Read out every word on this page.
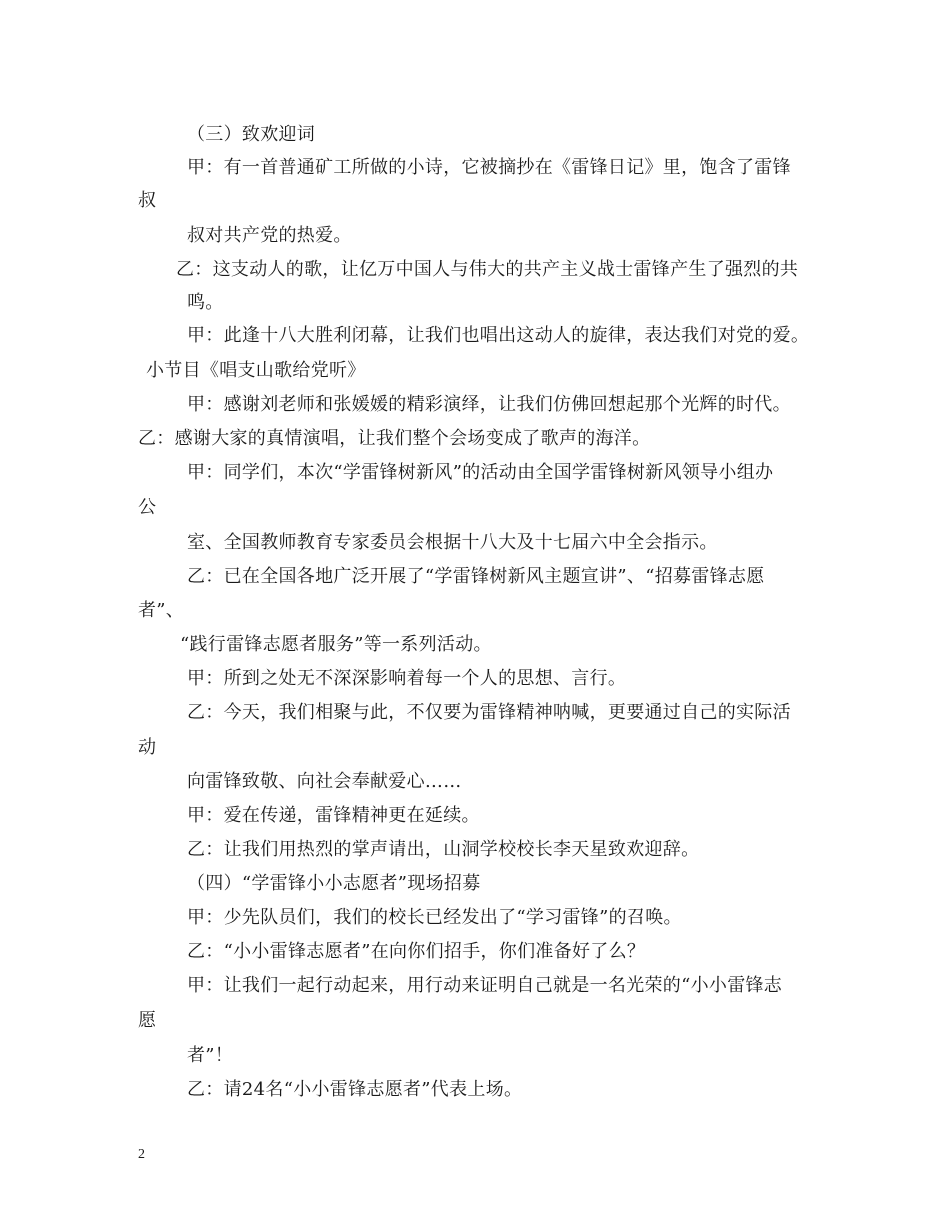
（三）致欢迎词
甲：有一首普通矿工所做的小诗，它被摘抄在《雷锋日记》里，饱含了雷锋
叔
叔对共产党的热爱。
乙：这支动人的歌，让亿万中国人与伟大的共产主义战士雷锋产生了强烈的共
鸣。
甲：此逢十八大胜利闭幕，让我们也唱出这动人的旋律，表达我们对党的爱。
小节目《唱支山歌给党听》
甲：感谢刘老师和张媛媛的精彩演绎，让我们仿佛回想起那个光辉的时代。
乙：感谢大家的真情演唱，让我们整个会场变成了歌声的海洋。
甲：同学们，本次“学雷锋树新风”的活动由全国学雷锋树新风领导小组办
公
室、全国教师教育专家委员会根据十八大及十七届六中全会指示。
乙：已在全国各地广泛开展了“学雷锋树新风主题宣讲”、“招募雷锋志愿
者”、
“践行雷锋志愿者服务”等一系列活动。
甲：所到之处无不深深影响着每一个人的思想、言行。
乙：今天，我们相聚与此，不仅要为雷锋精神呐喊，更要通过自己的实际活
动
向雷锋致敬、向社会奉献爱心……
甲：爱在传递，雷锋精神更在延续。
乙：让我们用热烈的掌声请出，山洞学校校长李天星致欢迎辞。
（四）“学雷锋小小志愿者”现场招募
甲：少先队员们，我们的校长已经发出了“学习雷锋”的召唤。
乙：“小小雷锋志愿者”在向你们招手，你们准备好了么？
甲：让我们一起行动起来，用行动来证明自己就是一名光荣的“小小雷锋志
愿
者”！
乙：请24名“小小雷锋志愿者”代表上场。
2
